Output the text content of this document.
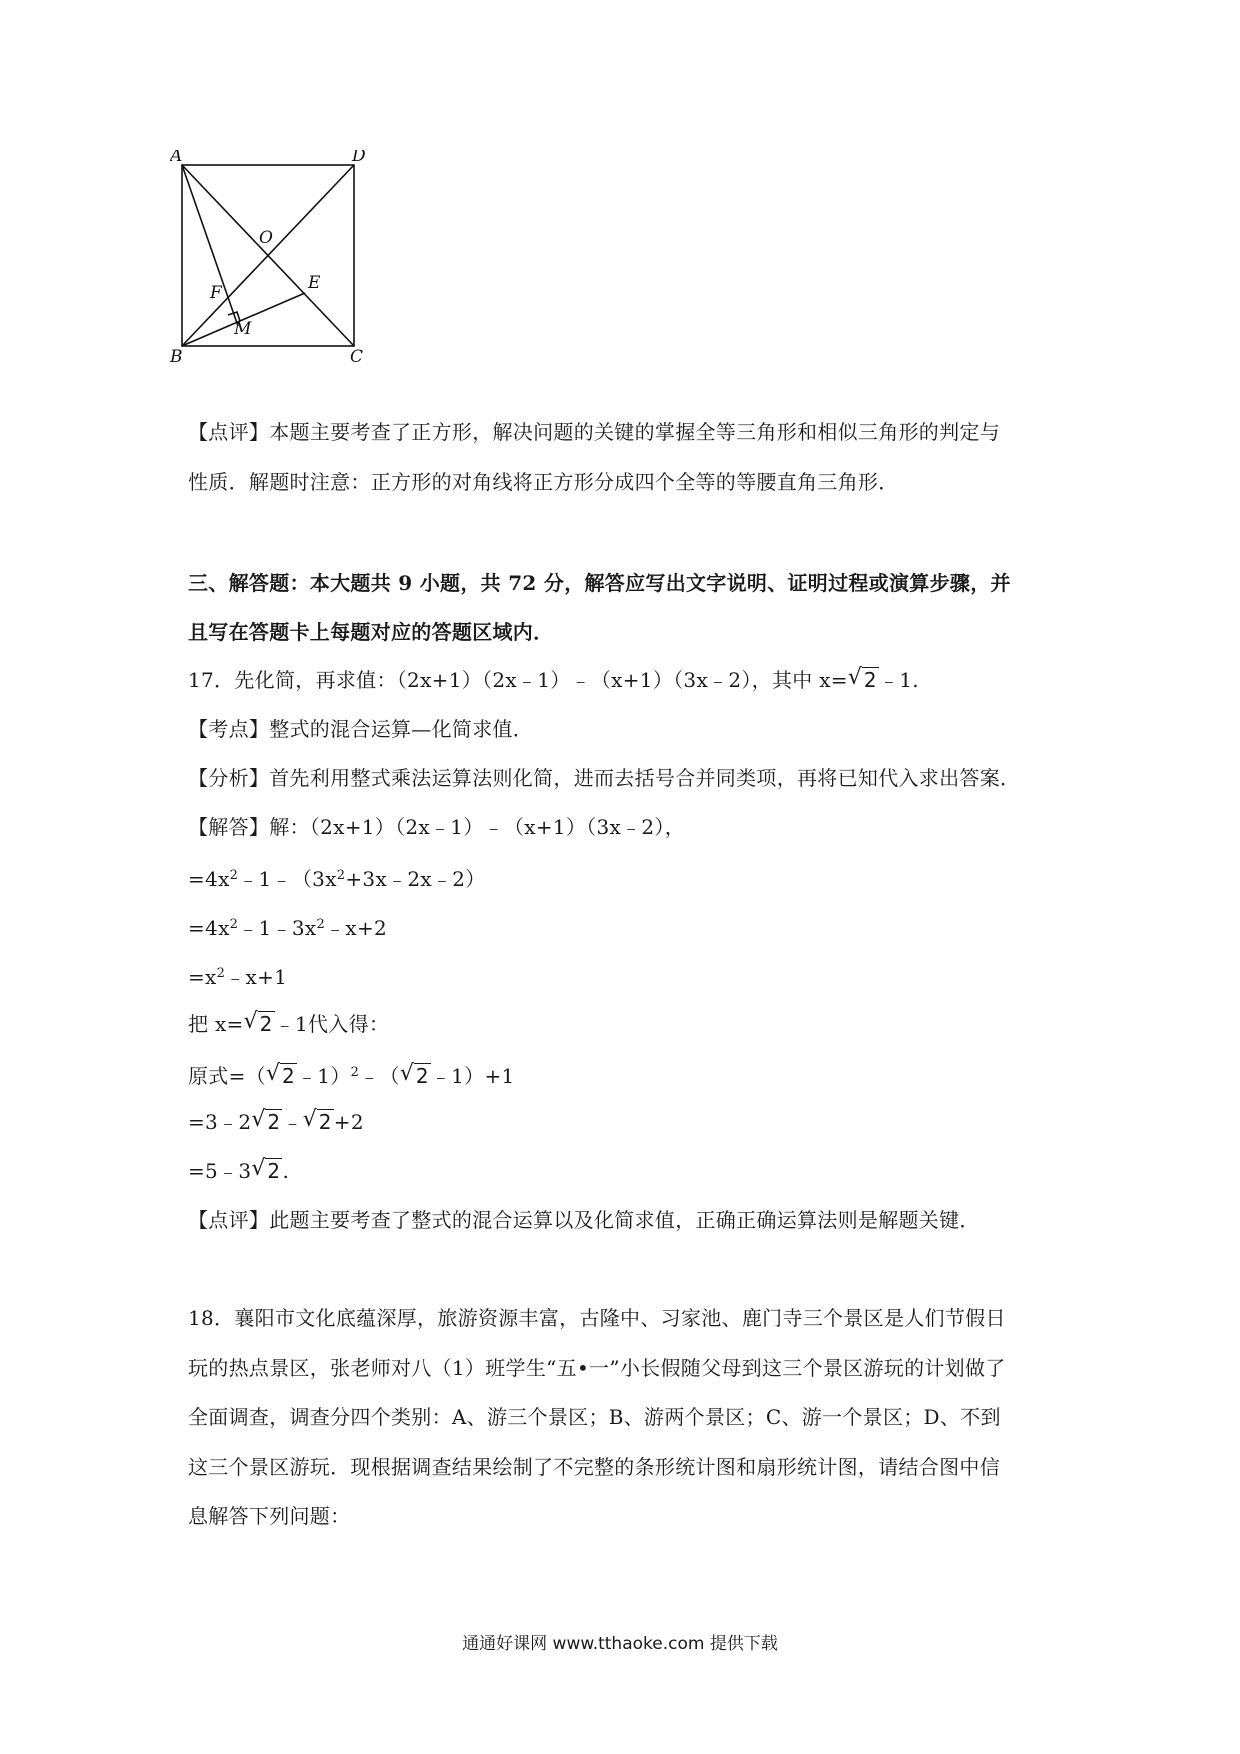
A	D
B	C
O
E
F
M
【点评】本题主要考查了正方形，解决问题的关键的掌握全等三角形和相似三角形的判定与
性质．解题时注意：正方形的对角线将正方形分成四个全等的等腰直角三角形．
三、解答题：本大题共 9 小题，共 72 分，解答应写出文字说明、证明过程或演算步骤，并
且写在答题卡上每题对应的答题区域内．
17．先化简，再求值：（2x+1）（2x﹣1）﹣（x+1）（3x﹣2），其中 x= √ 2 ﹣1.
【考点】整式的混合运算—化简求值．
【分析】首先利用整式乘法运算法则化简，进而去括号合并同类项，再将已知代入求出答案．
【解答】解：（2x+1）（2x﹣1）﹣（x+1）（3x﹣2），
$=4x^2﹣1﹣(3x^2+3x﹣2x﹣2)$
$=4x^2﹣1﹣3x^2﹣x+2$
$=x^2﹣x+1$
把 x= √ 2 ﹣1代入得：
原式=（ √ 2 ﹣1）$^2$﹣（ √ 2 ﹣1）+1
=3﹣2 √ 2 ﹣ √ 2 +2
=5﹣3 √ 2 .
【点评】此题主要考查了整式的混合运算以及化简求值，正确正确运算法则是解题关键．
18．襄阳市文化底蕴深厚，旅游资源丰富，古隆中、习家池、鹿门寺三个景区是人们节假日
玩的热点景区，张老师对八（1）班学生“五•一”小长假随父母到这三个景区游玩的计划做了
全面调查，调查分四个类别：A、游三个景区；B、游两个景区；C、游一个景区；D、不到
这三个景区游玩．现根据调查结果绘制了不完整的条形统计图和扇形统计图，请结合图中信
息解答下列问题：
通通好课网 www.tthaoke.com 提供下载
